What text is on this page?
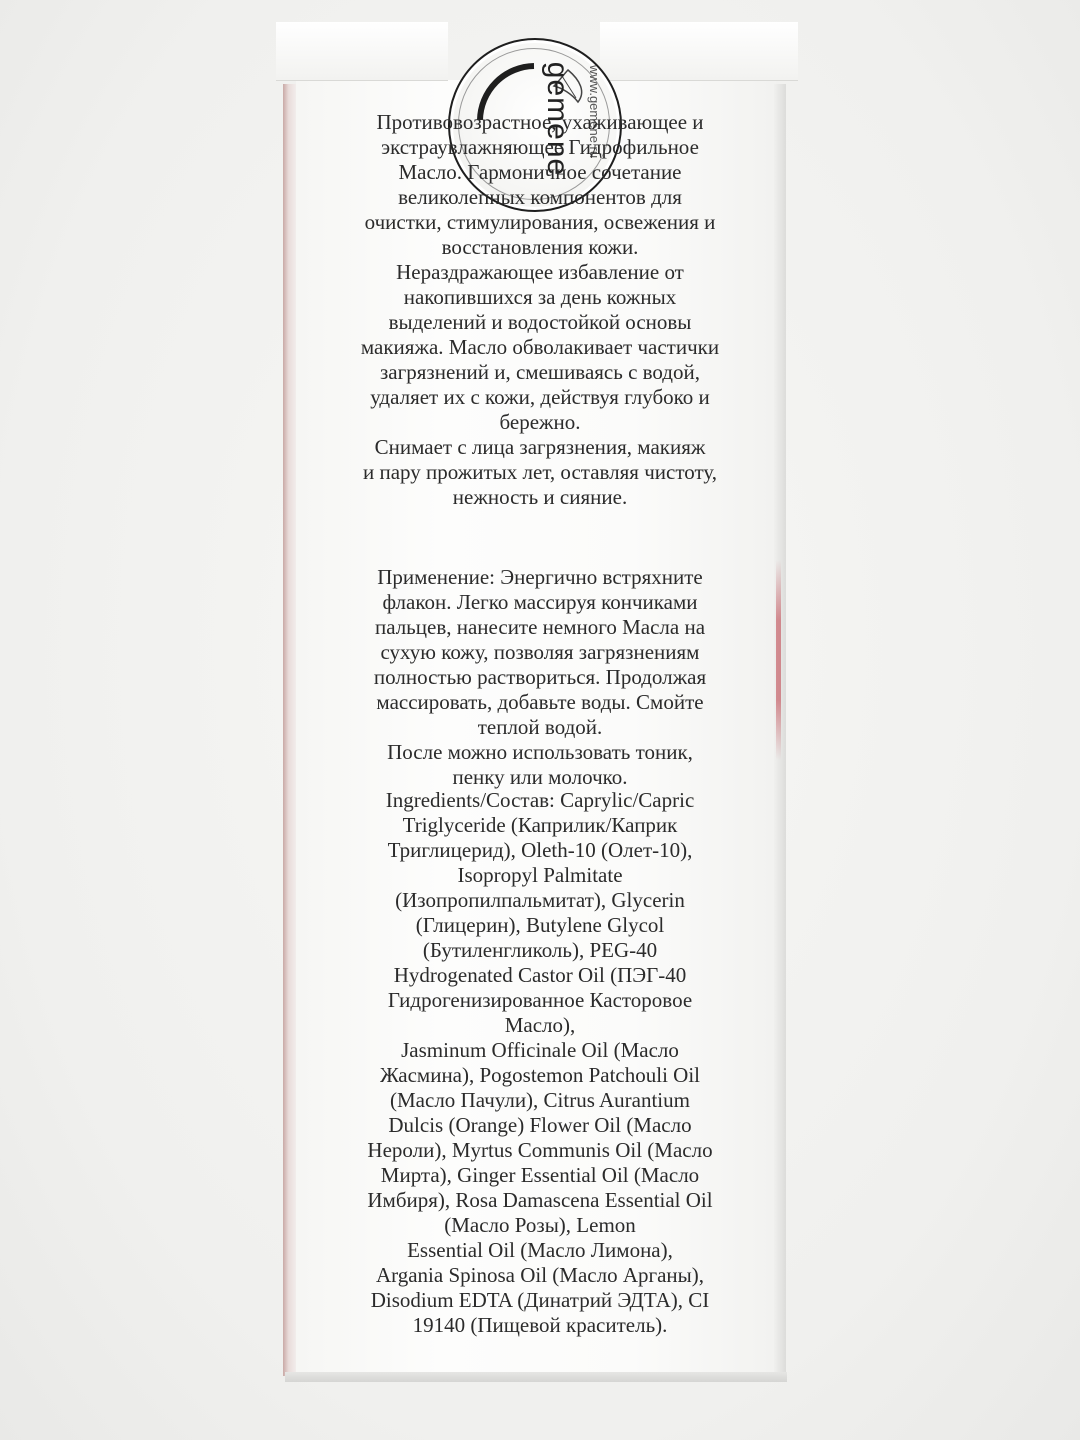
gemene www.gemene.ru

Противовозрастное, ухаживающее и
экстраувлажняющее Гидрофильное
Масло. Гармоничное сочетание
великолепных компонентов для
очистки, стимулирования, освежения и
восстановления кожи.

Нераздражающее избавление от
накопившихся за день кожных
выделений и водостойкой основы
макияжа. Масло обволакивает частички
загрязнений и, смешиваясь с водой,
удаляет их с кожи, действуя глубоко и
бережно.

Снимает с лица загрязнения, макияж
и пару прожитых лет, оставляя чистоту,
нежность и сияние.

Применение: Энергично встряхните
флакон. Легко массируя кончиками
пальцев, нанесите немного Масла на
сухую кожу, позволяя загрязнениям
полностью раствориться. Продолжая
массировать, добавьте воды. Смойте
теплой водой.

После можно использовать тоник,
пенку или молочко.

Ingredients/Состав: Caprylic/Capric
Triglyceride (Каприлик/Каприк
Триглицерид), Oleth-10 (Олет-10),
Isopropyl Palmitate
(Изопропилпальмитат), Glycerin
(Глицерин), Butylene Glycol
(Бутиленгликоль), PEG-40
Hydrogenated Castor Oil (ПЭГ-40
Гидрогенизированное Касторовое
Масло),

Jasminum Officinale Oil (Масло
Жасмина), Pogostemon Patchouli Oil
(Масло Пачули), Citrus Aurantium
Dulcis (Orange) Flower Oil (Масло
Нероли), Myrtus Communis Oil (Масло
Мирта), Ginger Essential Oil (Масло
Имбиря), Rosa Damascena Essential Oil
(Масло Розы), Lemon
Essential Oil (Масло Лимона),
Argania Spinosa Oil (Масло Арганы),
Disodium EDTA (Динатрий ЭДТА), CI
19140 (Пищевой краситель).
